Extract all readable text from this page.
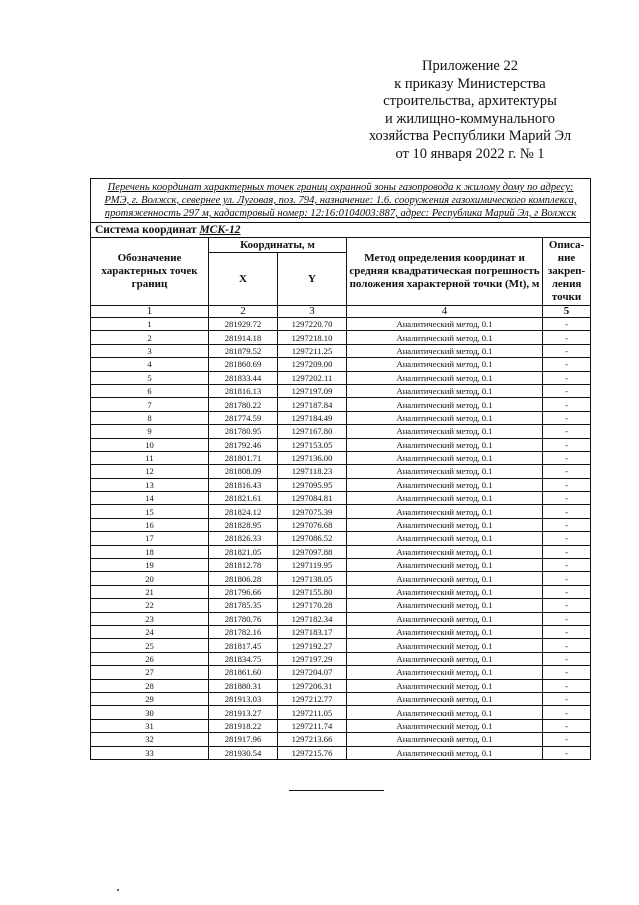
Приложение 22
к приказу Министерства
строительства, архитектуры
и жилищно-коммунального
хозяйства Республики Марий Эл
от 10 января 2022 г. № 1
Перечень координат характерных точек границ охранной зоны газопровода к жилому дому по адресу: РМЭ, г. Волжск, севернее ул. Луговая, поз. 794, назначение: 1.6. сооружения газохимического комплекса, протяженность 297 м, кадастровый номер: 12:16:0104003:887, адрес: Республика Марий Эл, г Волжск				
Система координат МСК-12				
Обозначение характерных точек границ	Координаты, м		Метод определения координат и средняя квадратическая погрешность положения характерной точки (Mt), м	Описа-ние закреп-ления точки
	X	Y		
1	2	3	4	5
1	281929.72	1297220.70	Аналитический метод, 0.1	-
2	281914.18	1297218.10	Аналитический метод, 0.1	-
3	281879.52	1297211.25	Аналитический метод, 0.1	-
4	281860.69	1297209.00	Аналитический метод, 0.1	-
5	281833.44	1297202.11	Аналитический метод, 0.1	-
6	281816.13	1297197.09	Аналитический метод, 0.1	-
7	281780.22	1297187.84	Аналитический метод, 0.1	-
8	281774.59	1297184.49	Аналитический метод, 0.1	-
9	281780.95	1297167.80	Аналитический метод, 0.1	-
10	281792.46	1297153.05	Аналитический метод, 0.1	-
11	281801.71	1297136.00	Аналитический метод, 0.1	-
12	281808.09	1297118.23	Аналитический метод, 0.1	-
13	281816.43	1297095.95	Аналитический метод, 0.1	-
14	281821.61	1297084.81	Аналитический метод, 0.1	-
15	281824.12	1297075.39	Аналитический метод, 0.1	-
16	281828.95	1297076.68	Аналитический метод, 0.1	-
17	281826.33	1297086.52	Аналитический метод, 0.1	-
18	281821.05	1297097.88	Аналитический метод, 0.1	-
19	281812.78	1297119.95	Аналитический метод, 0.1	-
20	281806.28	1297138.05	Аналитический метод, 0.1	-
21	281796.66	1297155.80	Аналитический метод, 0.1	-
22	281785.35	1297170.28	Аналитический метод, 0.1	-
23	281780.76	1297182.34	Аналитический метод, 0.1	-
24	281782.16	1297183.17	Аналитический метод, 0.1	-
25	281817.45	1297192.27	Аналитический метод, 0.1	-
26	281834.75	1297197.29	Аналитический метод, 0.1	-
27	281861.60	1297204.07	Аналитический метод, 0.1	-
28	281880.31	1297206.31	Аналитический метод, 0.1	-
29	281913.03	1297212.77	Аналитический метод, 0.1	-
30	281913.27	1297211.05	Аналитический метод, 0.1	-
31	281918.22	1297211.74	Аналитический метод, 0.1	-
32	281917.96	1297213.66	Аналитический метод, 0.1	-
33	281930.54	1297215.76	Аналитический метод, 0.1	-
